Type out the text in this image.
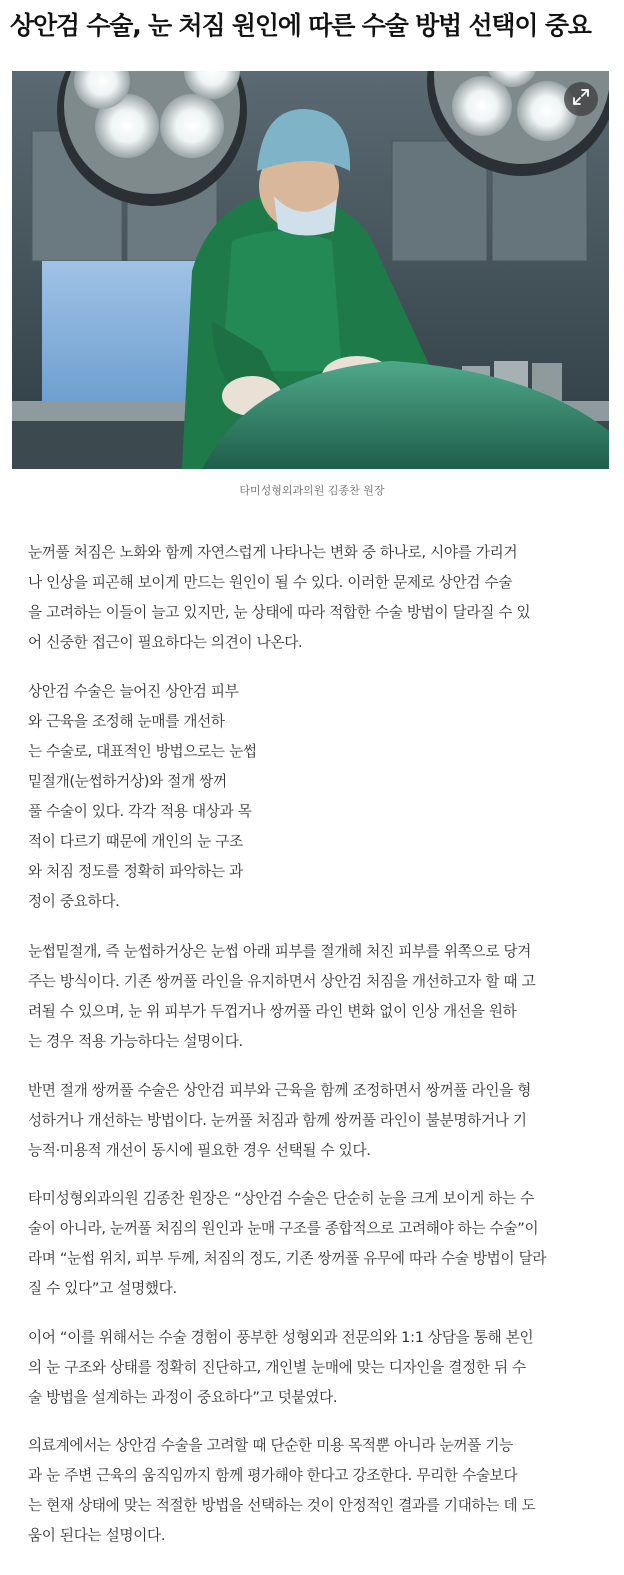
상안검 수술, 눈 처짐 원인에 따른 수술 방법 선택이 중요
타미성형외과의원 김종찬 원장

눈꺼풀 처짐은 노화와 함께 자연스럽게 나타나는 변화 중 하나로, 시야를 가리거
나 인상을 피곤해 보이게 만드는 원인이 될 수 있다. 이러한 문제로 상안검 수술
을 고려하는 이들이 늘고 있지만, 눈 상태에 따라 적합한 수술 방법이 달라질 수 있
어 신중한 접근이 필요하다는 의견이 나온다.

상안검 수술은 늘어진 상안검 피부
와 근육을 조정해 눈매를 개선하
는 수술로, 대표적인 방법으로는 눈썹
밑절개(눈썹하거상)와 절개 쌍꺼
풀 수술이 있다. 각각 적용 대상과 목
적이 다르기 때문에 개인의 눈 구조
와 처짐 정도를 정확히 파악하는 과
정이 중요하다.

눈썹밑절개, 즉 눈썹하거상은 눈썹 아래 피부를 절개해 처진 피부를 위쪽으로 당겨
주는 방식이다. 기존 쌍꺼풀 라인을 유지하면서 상안검 처짐을 개선하고자 할 때 고
려될 수 있으며, 눈 위 피부가 두껍거나 쌍꺼풀 라인 변화 없이 인상 개선을 원하
는 경우 적용 가능하다는 설명이다.

반면 절개 쌍꺼풀 수술은 상안검 피부와 근육을 함께 조정하면서 쌍꺼풀 라인을 형
성하거나 개선하는 방법이다. 눈꺼풀 처짐과 함께 쌍꺼풀 라인이 불분명하거나 기
능적·미용적 개선이 동시에 필요한 경우 선택될 수 있다.

타미성형외과의원 김종찬 원장은 “상안검 수술은 단순히 눈을 크게 보이게 하는 수
술이 아니라, 눈꺼풀 처짐의 원인과 눈매 구조를 종합적으로 고려해야 하는 수술”이
라며 “눈썹 위치, 피부 두께, 처짐의 정도, 기존 쌍꺼풀 유무에 따라 수술 방법이 달라
질 수 있다”고 설명했다.

이어 “이를 위해서는 수술 경험이 풍부한 성형외과 전문의와 1:1 상담을 통해 본인
의 눈 구조와 상태를 정확히 진단하고, 개인별 눈매에 맞는 디자인을 결정한 뒤 수
술 방법을 설계하는 과정이 중요하다”고 덧붙였다.

의료계에서는 상안검 수술을 고려할 때 단순한 미용 목적뿐 아니라 눈꺼풀 기능
과 눈 주변 근육의 움직임까지 함께 평가해야 한다고 강조한다. 무리한 수술보다
는 현재 상태에 맞는 적절한 방법을 선택하는 것이 안정적인 결과를 기대하는 데 도
움이 된다는 설명이다.
